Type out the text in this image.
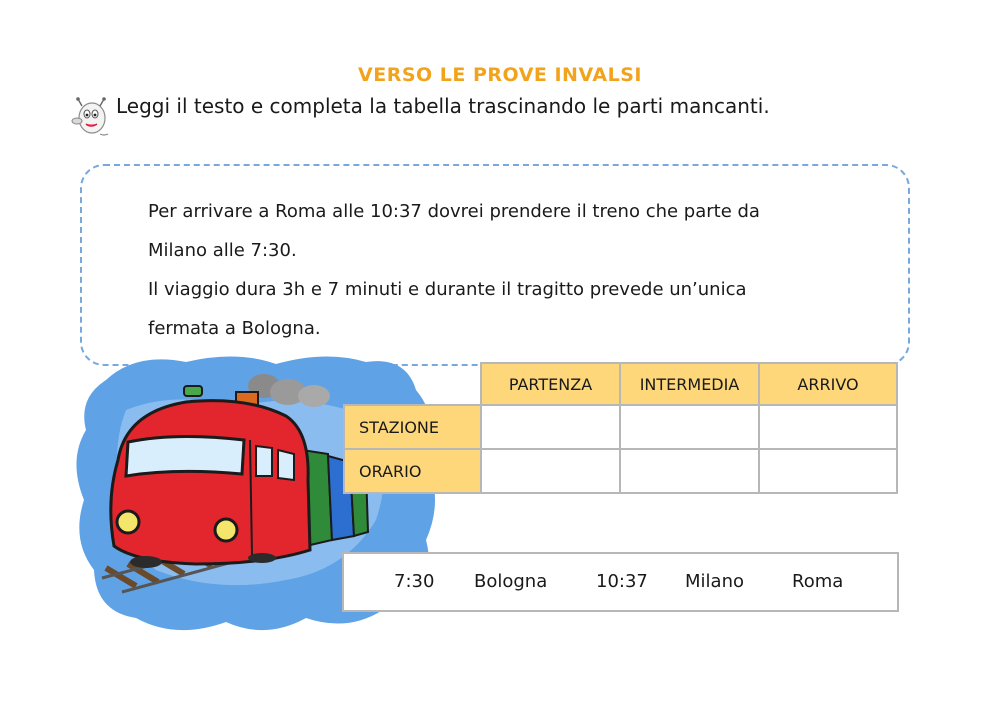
VERSO LE PROVE INVALSI
Leggi il testo e completa la tabella trascinando le parti mancanti.
Per arrivare a Roma alle 10:37 dovrei prendere il treno che parte da
Milano alle 7:30.
Il viaggio dura 3h e 7 minuti e durante il tragitto prevede un’unica
fermata a Bologna.
PARTENZA	INTERMEDIA	ARRIVO
STAZIONE
ORARIO
7:30 Bologna	10:37 Milano	Roma
